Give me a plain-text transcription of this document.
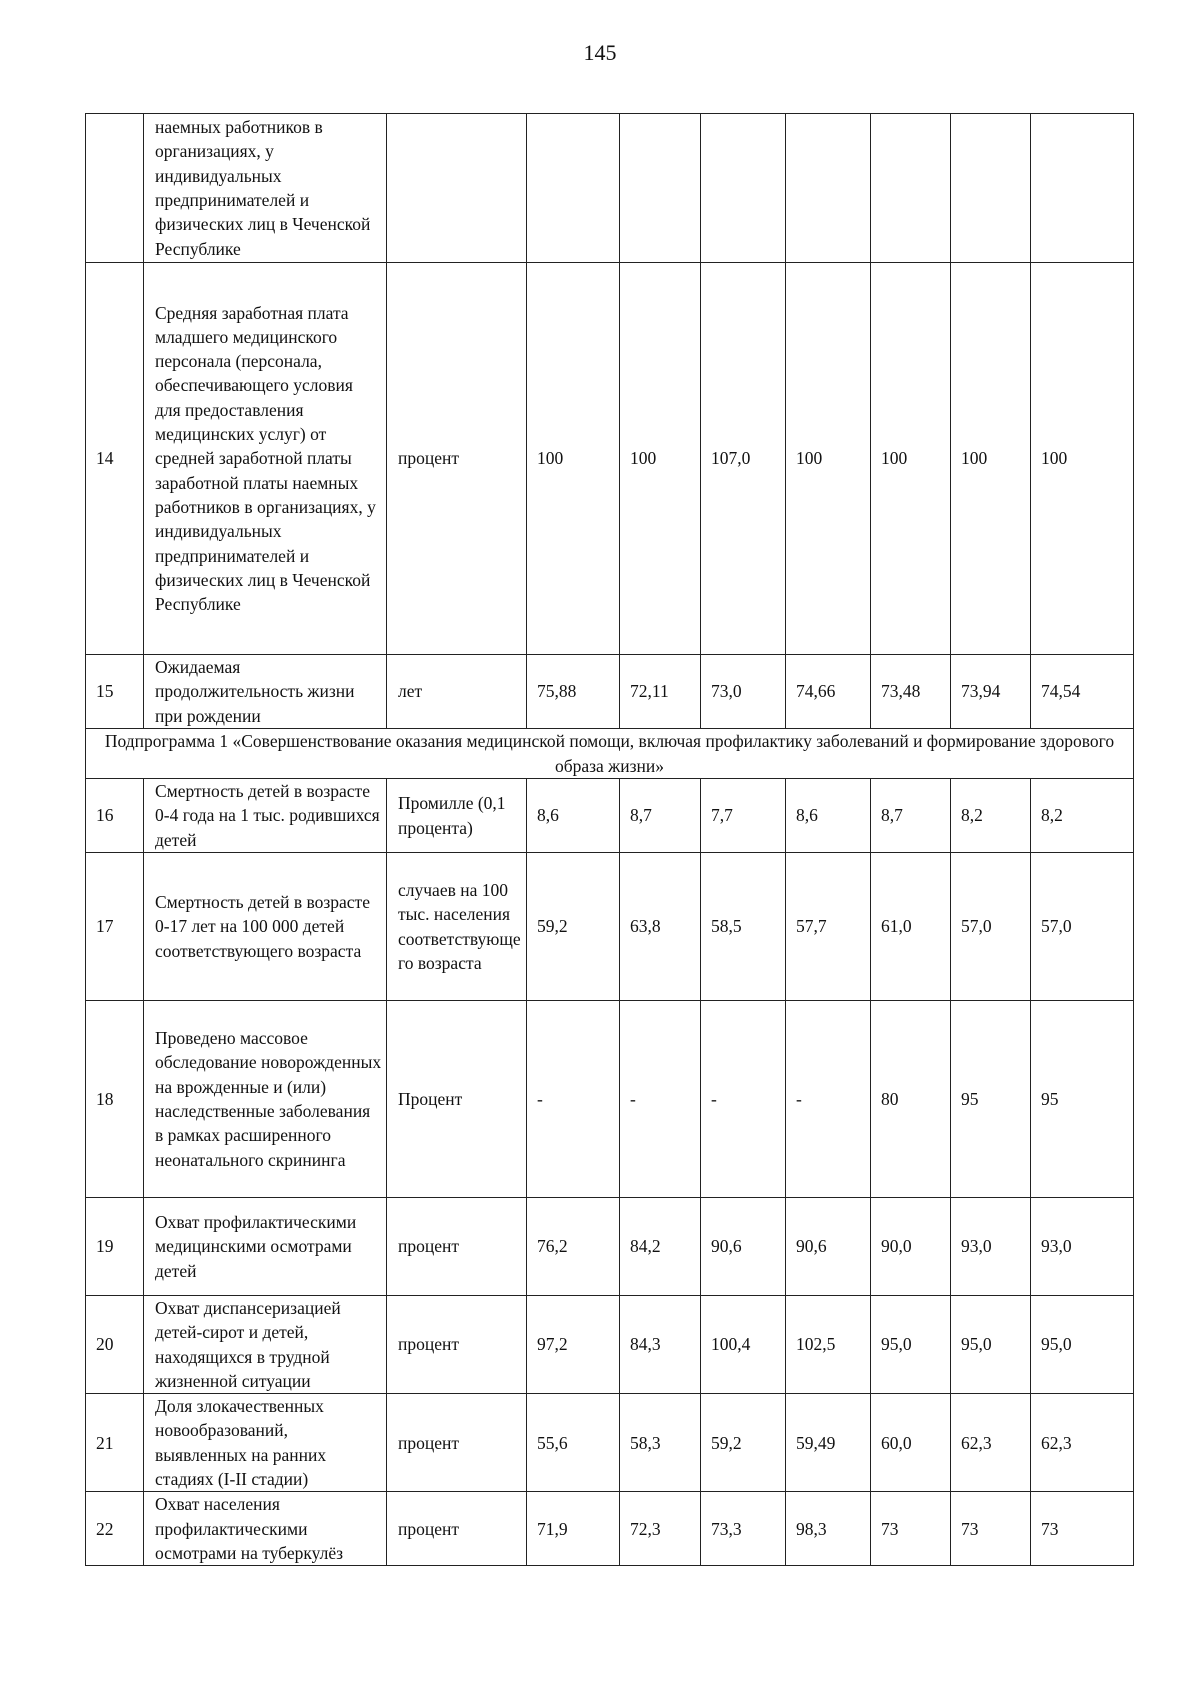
145
	наемных работников в организациях, у индивидуальных предпринимателей и физических лиц в Чеченской Республике								
14	Средняя заработная плата младшего медицинского персонала (персонала, обеспечивающего условия для предоставления медицинских услуг) от средней заработной платы заработной платы наемных работников в организациях, у индивидуальных предпринимателей и физических лиц в Чеченской Республике	процент	100	100	107,0	100	100	100	100
15	Ожидаемая продолжительность жизни при рождении	лет	75,88	72,11	73,0	74,66	73,48	73,94	74,54
Подпрограмма 1 «Совершенствование оказания медицинской помощи, включая профилактику заболеваний и формирование здорового образа жизни»									
16	Смертность детей в возрасте 0-4 года на 1 тыс. родившихся детей	Промилле (0,1 процента)	8,6	8,7	7,7	8,6	8,7	8,2	8,2
17	Смертность детей в возрасте 0-17 лет на 100 000 детей соответствующего возраста	случаев на 100 тыс. населения соответствующего возраста	59,2	63,8	58,5	57,7	61,0	57,0	57,0
18	Проведено массовое обследование новорожденных на врожденные и (или) наследственные заболевания в рамках расширенного неонатального скрининга	Процент	-	-	-	-	80	95	95
19	Охват профилактическими медицинскими осмотрами детей	процент	76,2	84,2	90,6	90,6	90,0	93,0	93,0
20	Охват диспансеризацией детей-сирот и детей, находящихся в трудной жизненной ситуации	процент	97,2	84,3	100,4	102,5	95,0	95,0	95,0
21	Доля злокачественных новообразований, выявленных на ранних стадиях (I-II стадии)	процент	55,6	58,3	59,2	59,49	60,0	62,3	62,3
22	Охват населения профилактическими осмотрами на туберкулёз	процент	71,9	72,3	73,3	98,3	73	73	73
